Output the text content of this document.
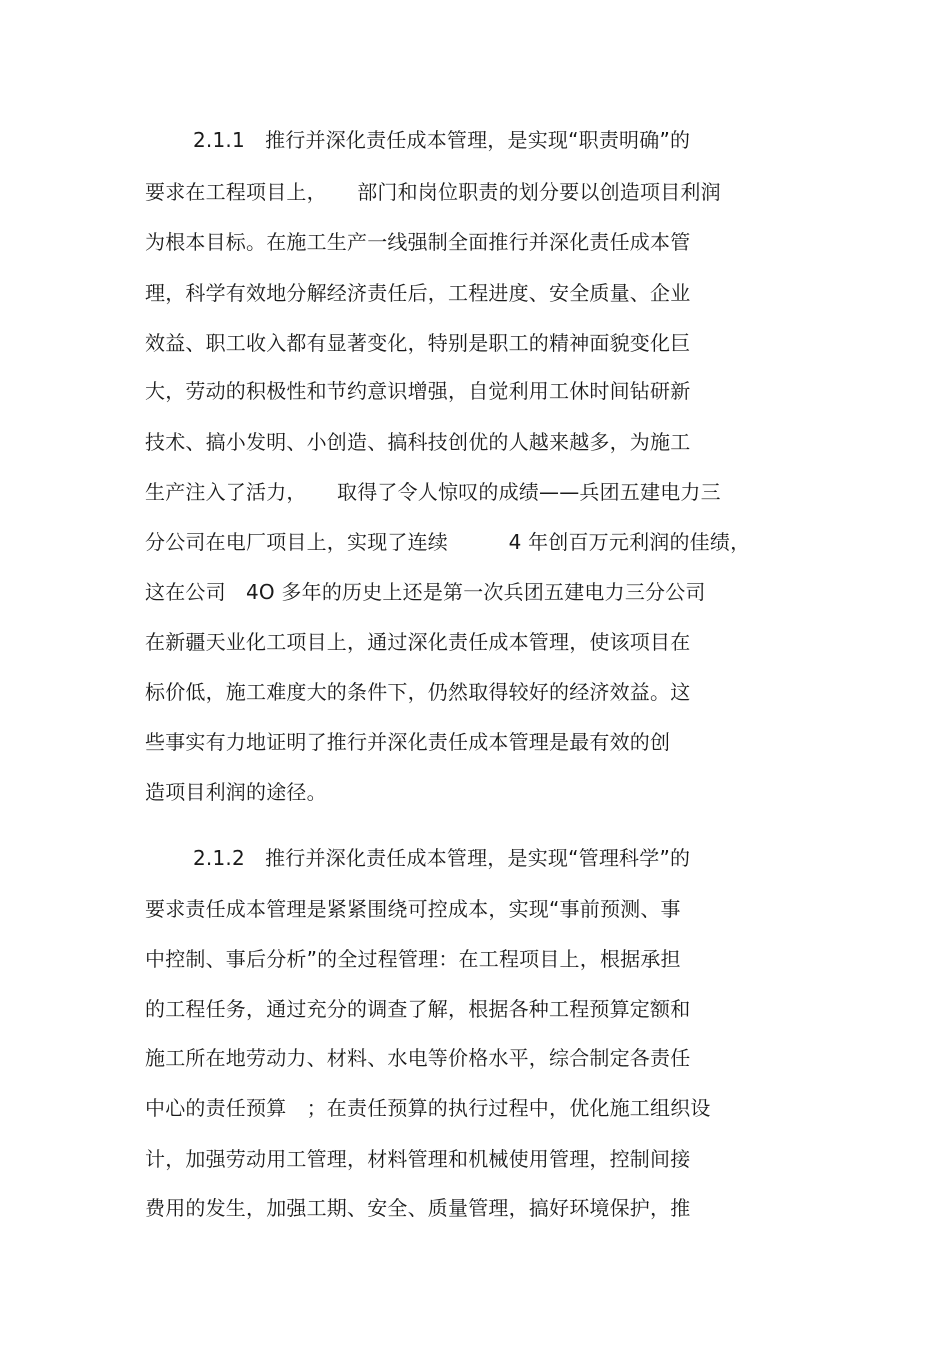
2.1.1　推行并深化责任成本管理，是实现“职责明确”的
要求在工程项目上，　　部门和岗位职责的划分要以创造项目利润
为根本目标。在施工生产一线强制全面推行并深化责任成本管
理，科学有效地分解经济责任后，工程进度、安全质量、企业
效益、职工收入都有显著变化，特别是职工的精神面貌变化巨
大，劳动的积极性和节约意识增强，自觉利用工休时间钻研新
技术、搞小发明、小创造、搞科技创优的人越来越多，为施工
生产注入了活力，　　取得了令人惊叹的成绩——兵团五建电力三
分公司在电厂项目上，实现了连续　　　4 年创百万元利润的佳绩，
这在公司　4O 多年的历史上还是第一次兵团五建电力三分公司
在新疆天业化工项目上，通过深化责任成本管理，使该项目在
标价低，施工难度大的条件下，仍然取得较好的经济效益。这
些事实有力地证明了推行并深化责任成本管理是最有效的创
造项目利润的途径。
2.1.2　推行并深化责任成本管理，是实现“管理科学”的
要求责任成本管理是紧紧围绕可控成本，实现“事前预测、事
中控制、事后分析”的全过程管理：在工程项目上，根据承担
的工程任务，通过充分的调查了解，根据各种工程预算定额和
施工所在地劳动力、材料、水电等价格水平，综合制定各责任
中心的责任预算　；在责任预算的执行过程中，优化施工组织设
计，加强劳动用工管理，材料管理和机械使用管理，控制间接
费用的发生，加强工期、安全、质量管理，搞好环境保护，推
